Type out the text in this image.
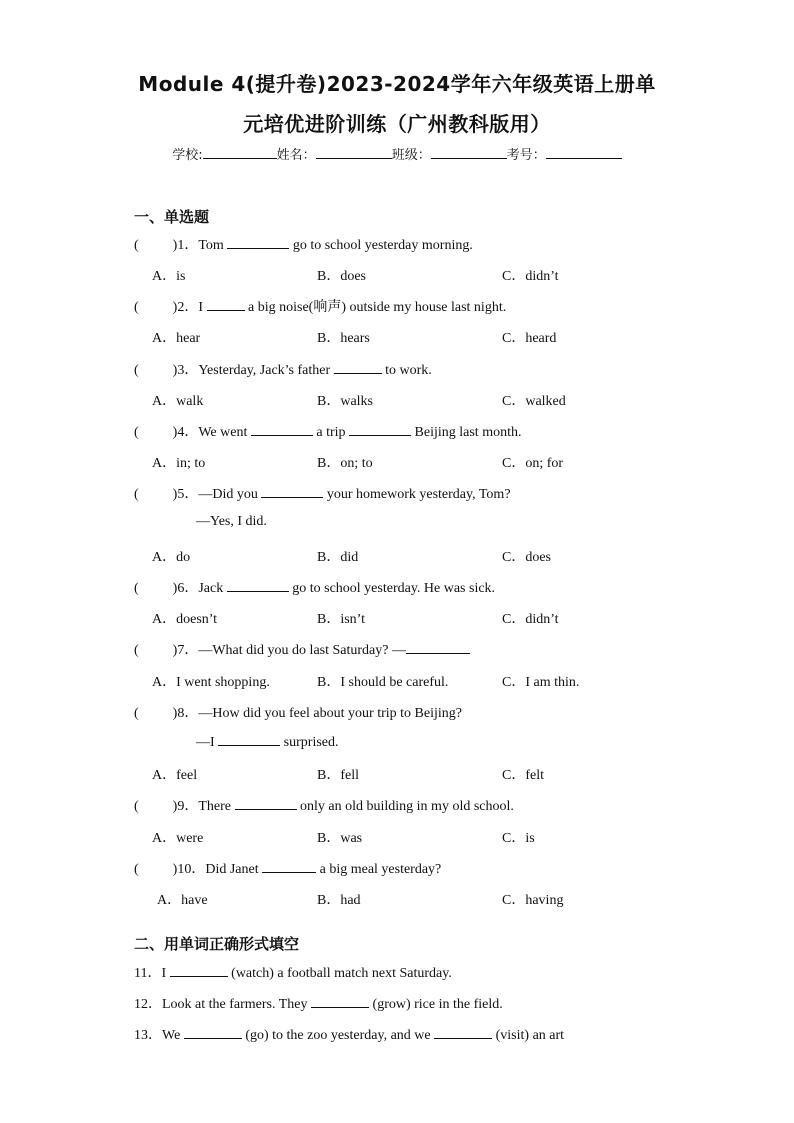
Module 4(提升卷)2023-2024学年六年级英语上册单
元培优进阶训练（广州教科版用）
学校:	姓名：	班级：	考号：
一、单选题
( )1．Tom	go to school yesterday morning.
A．is	B．does	C．didn’t
( )2．I	a big noise(响声) outside my house last night.
A．hear	B．hears	C．heard
( )3．Yesterday, Jack’s father	to work.
A．walk	B．walks	C．walked
( )4．We went	a trip	Beijing last month.
A．in; to	B．on; to	C．on; for
( )5．—Did you	your homework yesterday, Tom?
—Yes, I did.
A．do	B．did	C．does
( )6．Jack	go to school yesterday. He was sick.
A．doesn’t	B．isn’t	C．didn’t
( )7．—What did you do last Saturday? —
A．I went shopping.	B．I should be careful.	C．I am thin.
( )8．—How did you feel about your trip to Beijing?
—I	surprised.
A．feel	B．fell	C．felt
( )9．There	only an old building in my old school.
A．were	B．was	C．is
( )10．Did Janet	a big meal yesterday?
A．have	B．had	C．having
二、用单词正确形式填空
11．I	(watch) a football match next Saturday.
12．Look at the farmers. They	(grow) rice in the field.
13．We	(go) to the zoo yesterday, and we	(visit) an art
